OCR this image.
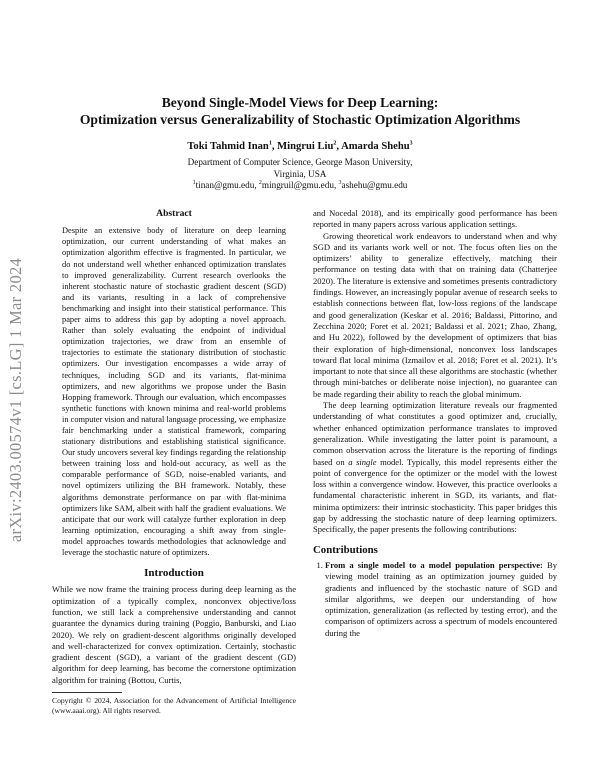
arXiv:2403.00574v1 [cs.LG] 1 Mar 2024
Beyond Single-Model Views for Deep Learning:
Optimization versus Generalizability of Stochastic Optimization Algorithms
Toki Tahmid Inan$^1$, Mingrui Liu$^2$, Amarda Shehu$^3$
Department of Computer Science, George Mason University,
Virginia, USA
$^1$tinan@gmu.edu, $^2$mingruil@gmu.edu, $^3$ashehu@gmu.edu
Abstract

Despite an extensive body of literature on deep learning optimization, our current understanding of what makes an optimization algorithm effective is fragmented. In particular, we do not understand well whether enhanced optimization translates to improved generalizability. Current research overlooks the inherent stochastic nature of stochastic gradient descent (SGD) and its variants, resulting in a lack of comprehensive benchmarking and insight into their statistical performance. This paper aims to address this gap by adopting a novel approach. Rather than solely evaluating the endpoint of individual optimization trajectories, we draw from an ensemble of trajectories to estimate the stationary distribution of stochastic optimizers. Our investigation encompasses a wide array of techniques, including SGD and its variants, flat-minima optimizers, and new algorithms we propose under the Basin Hopping framework. Through our evaluation, which encompasses synthetic functions with known minima and real-world problems in computer vision and natural language processing, we emphasize fair benchmarking under a statistical framework, comparing stationary distributions and establishing statistical significance. Our study uncovers several key findings regarding the relationship between training loss and hold-out accuracy, as well as the comparable performance of SGD, noise-enabled variants, and novel optimizers utilizing the BH framework. Notably, these algorithms demonstrate performance on par with flat-minima optimizers like SAM, albeit with half the gradient evaluations. We anticipate that our work will catalyze further exploration in deep learning optimization, encouraging a shift away from single-model approaches towards methodologies that acknowledge and leverage the stochastic nature of optimizers.

Introduction

While we now frame the training process during deep learning as the optimization of a typically complex, nonconvex objective/loss function, we still lack a comprehensive understanding and cannot guarantee the dynamics during training (Poggio, Banburski, and Liao 2020). We rely on gradient-descent algorithms originally developed and well-characterized for convex optimization. Certainly, stochastic gradient descent (SGD), a variant of the gradient descent (GD) algorithm for deep learning, has become the cornerstone optimization algorithm for training (Bottou, Curtis,

Copyright © 2024, Association for the Advancement of Artificial Intelligence (www.aaai.org). All rights reserved.

and Nocedal 2018), and its empirically good performance has been reported in many papers across various application settings.

Growing theoretical work endeavors to understand when and why SGD and its variants work well or not. The focus often lies on the optimizers’ ability to generalize effectively, matching their performance on testing data with that on training data (Chatterjee 2020). The literature is extensive and sometimes presents contradictory findings. However, an increasingly popular avenue of research seeks to establish connections between flat, low-loss regions of the landscape and good generalization (Keskar et al. 2016; Baldassi, Pittorino, and Zecchina 2020; Foret et al. 2021; Baldassi et al. 2021; Zhao, Zhang, and Hu 2022), followed by the development of optimizers that bias their exploration of high-dimensional, nonconvex loss landscapes toward flat local minima (Izmailov et al. 2018; Foret et al. 2021). It’s important to note that since all these algorithms are stochastic (whether through mini-batches or deliberate noise injection), no guarantee can be made regarding their ability to reach the global minimum.

The deep learning optimization literature reveals our fragmented understanding of what constitutes a good optimizer and, crucially, whether enhanced optimization performance translates to improved generalization. While investigating the latter point is paramount, a common observation across the literature is the reporting of findings based on a single model. Typically, this model represents either the point of convergence for the optimizer or the model with the lowest loss within a convergence window. However, this practice overlooks a fundamental characteristic inherent in SGD, its variants, and flat-minima optimizers: their intrinsic stochasticity. This paper bridges this gap by addressing the stochastic nature of deep learning optimizers. Specifically, the paper presents the following contributions:

Contributions
1. From a single model to a model population perspective: By viewing model training as an optimization journey guided by gradients and influenced by the stochastic nature of SGD and similar algorithms, we deepen our understanding of how optimization, generalization (as reflected by testing error), and the comparison of optimizers across a spectrum of models encountered during the
